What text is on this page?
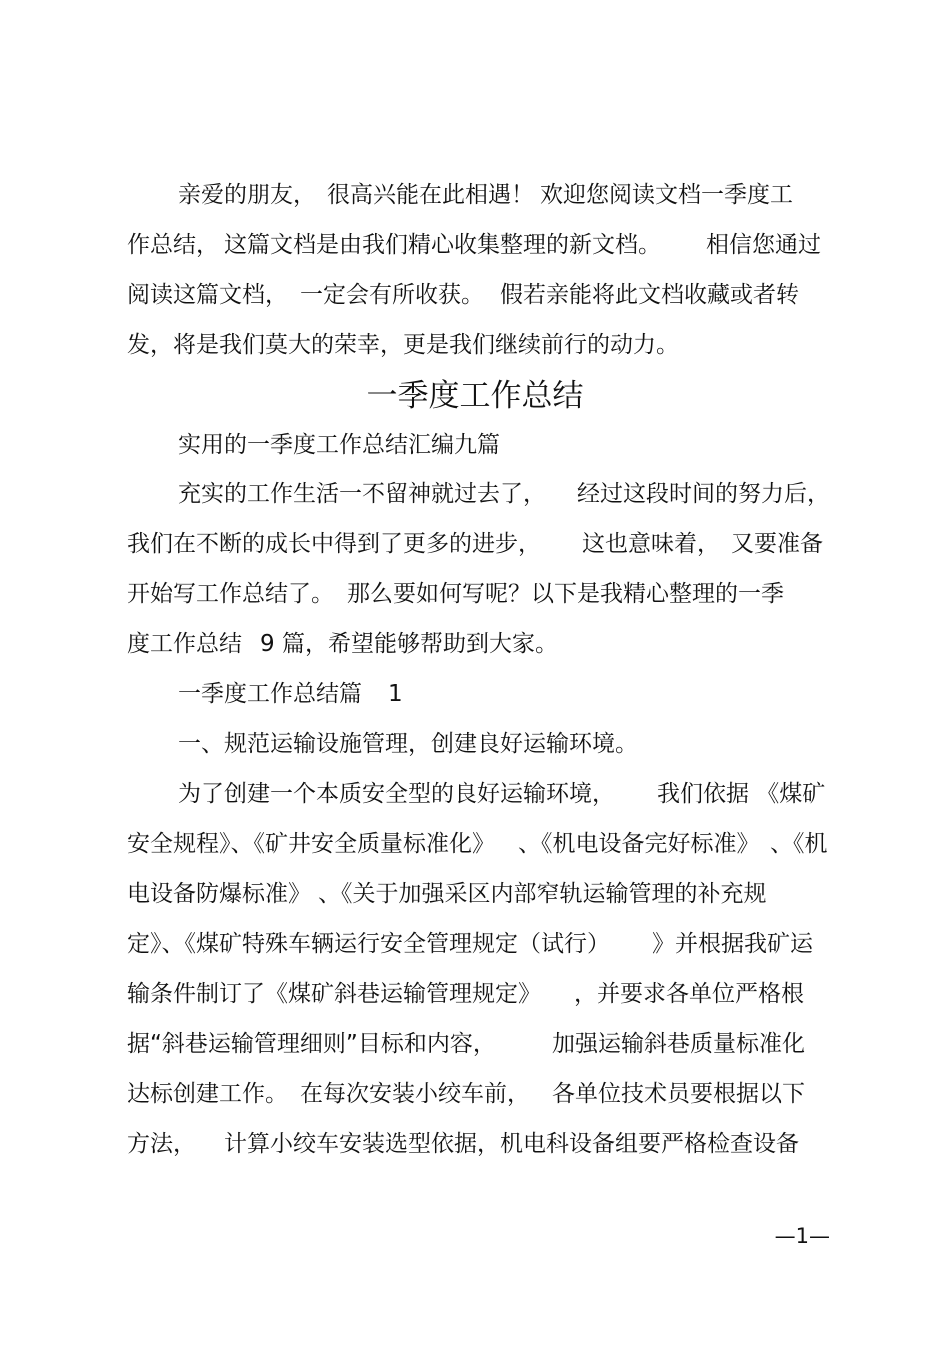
亲爱的朋友，

很高兴能在此相遇！

欢迎您阅读文档一季度工

作总结，

这篇文档是由我们精心收集整理的新文档。

相信您通过

阅读这篇文档，

一定会有所收获。

假若亲能将此文档收藏或者转

发，将是我们莫大的荣幸，更是我们继续前行的动力。

一季度工作总结

实用的一季度工作总结汇编九篇

充实的工作生活一不留神就过去了，

经过这段时间的努力后，

我们在不断的成长中得到了更多的进步，

这也意味着，

又要准备

开始写工作总结了。

那么要如何写呢？以下是我精心整理的一季

度工作总结

9 篇，希望能够帮助到大家。

一季度工作总结篇

1

一、规范运输设施管理，创建良好运输环境。

为了创建一个本质安全型的良好运输环境，

我们依据 《煤矿

安全规程》、《矿井安全质量标准化》

、《机电设备完好标准》

、《机

电设备防爆标准》

、《关于加强采区内部窄轨运输管理的补充规

定》、《煤矿特殊车辆运行安全管理规定（试行）

》并根据我矿运

输条件制订了《煤矿斜巷运输管理规定》

，并要求各单位严格根

据“斜巷运输管理细则”目标和内容，

加强运输斜巷质量标准化

达标创建工作。

在每次安装小绞车前，

各单位技术员要根据以下

方法，

计算小绞车安装选型依据，

机电科设备组要严格检查设备

—1—
